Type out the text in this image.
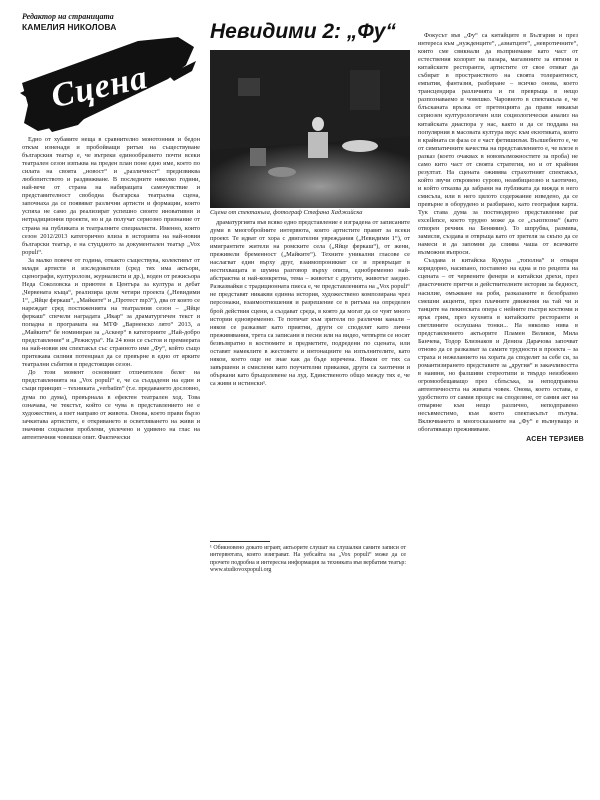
Редактор на страницата
КАМЕЛИЯ НИКОЛОВА
Сцена
Невидими 2: „Фу“
Сцена от спектакъла, фотограф Стефана Хаджийска

Едно от хубавите неща в сравнително монотонния и бедон откъм изненади и пробойващи ритъм на съществуване българския театър е, че вътреки единообразието почти всеки театрален сезон изпъква на преден план поне едно име, което по силата на своята „новост“ и „различност“ предизвиква любопитството и раздвижване. В последните няколко години, най-вече от страна на набиращата самочувствие и представителност свободна българска театрална сцена, започнаха да се появяват различни артисти и формации, които успяха не само да реализират успешно своите иновативни и нетрадиционни проекти, но и да получат сериозно признание от страна на публиката и театралните специалисти. Именно, които сезон 2012/2013 категорично влиза в историята на най-новия български театър, е на стуцдиото за документален театър „Vox populi“.

За малко повече от година, откакто съществува, колективът от млади артисти и изследователи (сред тях има актьори, сценографи, културолози, журналисти и др.), воден от режисьора Неда Соколовска и приютен в Центъра за култура и дебат „Червената къща“, реализира цели четири проекта („Невидими 1“, „Яйце феркаш“, „Майките“ и „Протест mp3“), два от които се нареждат сред постиженията на театралния сезон – „Яйце феркаш“ спечели наградата „Икар“ за драматургичен текст и попадна в програмата на МТФ „Варненско лято“ 2013, а „Майките“ бе номиниран за „Аскеер“ в категориите „Най-добро представление“ и „Режисура“. На 24 юни се състоя и премиерата на най-новия им спектакъл със странното име „Фу“, който също притежава силния потенциал да се превърне в едно от ярките театрални събития в предстоящия сезон.

До този момент основният отличителен белег на представленията на „Vox populi“ е, че са създадени на един и същи принцип – техниката „verbatim“ (т.е. предаването дословно, дума по дума), превърнала в ефектен театрален ход. Това означава, че текстът, който се чува в представлението не е художествен, а взет направо от живота. Онова, което прави бързо зачкитава артистите, е откриването и осветляването на живи и значими социални проблеми, увлечено и удивено на глас на автентичния човешки опит. Фактически

драматургията във всяко едно представление е изградена от записаните думи в многобройните интервюта, които артистите правят за всеки проект. Те идват от хора с двигателни увреждания („Невидими 1“), от имигрантите жители на ромските села („Яйце феркаш“), от жени, преживели бременност („Майките“). Техните уникални гласове се наслагват един върху друг, взаимопроникват се и превръщат в нестихващата и шумна разговор върху опита, еднобременно най-абстрактна и най-конкретна, тема – животът с другите, животът заедно. Разказвайки с традиционната пиеса е, че представленията на „Vox populi“ не представят никакви единна история, художествено композирана чрез персонажи, взаимоотношения и разрешение се в ритъма на определен брой действия сцени, а създават среда, в която да могат да се чуят много истории едновременно. Те потичат към зрителя по различни канали – някои се разказват като приятни, други се споделят като лични преживявания, трета са записани в песни или на видео, четвърти се носят безвъзвратно в костюмите и предметите, подредени по сцената, или оставят намеклите в жестовете и интонациите на изпълнителите, като някои, което още не знае как да бъде изречена. Никои от тях са завършени и смислени като поучителни приказки, други са хаотични и объркани като бръщолевене на луд. Единственото общо между тях е, че са живи и истински¹.

¹ Обикновено докато играят, актьорите слушат на слушалки самите записи от интервютата, които изиграват. На уебсайта на „Vox populi“ може да се прочете подробна и интересна информация за техниката във вербатим театър: www.studiovoxpopuli.org

Фокусът във „Фу“ са китайците в България и през интереса към „нужденците“, „азиатците“, „невротичните“, които сме свикнали да възприемаме като част от естествения колорит на пазара, магазините за евтини и китайските ресторанти, артистите от свое отиват да събират в пространството на своята толерантност, емпатия, фантазия, разбиране – всичко онова, което трансцендира различията и ги превръща в нещо разпознаваемо и човешко. Чаровното в спектакъла е, че блъсканата връзка от претенцията да прави някакъв сериозен културологичен или социологически анализ на китайската диаспора у нас, както и да се поддава на популярния в масовата култура вкус към екзотиката, която в крайната си фаза се е част фетишизъм. Вълшебното е, че от симпатичните качества на представлението е, че влезе в разказ (което очаквах в нововъзможностите за проба) не само кито част от своята стратегия, но и от крайния резултат. На сцената оживява страхотният спектакъл, който звучи откровено сурово, неамбициозно и хаотично, и който отказва да забрани на публиката да вижда в него смисъла, или в него цялото содержание изведено, да се превърне в оборудено и разбирано, като география карта. Тук става дума за постмодерно представление par excellence, което трудно може да се „съизпозна“ (като отворен речник на Бенямин). То шпрубва, размива, замисля, създава и отвръща като от зрителя за скъпо да се намеси и да запомни да слиява чаша от всичките възможни въпроси.

Създава и китайска Кукура „тополна“ и отваря коридорно, насипано, поставено на една и по рецепта на сцената – от червените фенери и китайски дрехи, през диасточните притчи и действителните истории за бедност, насилие, омъжване на робя, разказаните в безобразно смешни акценти, през плачните движения на тай чи и танците на пекинската опера с нейните пъстри костюми и ярък грим, през кухнята в китайските ресторанти и светлините ослушана тонки... На няколко нива в представлението актьорите Пламен Великов, Мила Банчева, Тодор Близнаков и Дениза Дарачова започват отново да се разказват за самите трудности в проекта – за страха и нежеланието на хората да споделят за себе си, за романтизирането представите за „другия“ и закачливостта в наивни, но фалшиви стереотипи и твърдо неизбежно огромообещаващо през сблъсъка, за неподправена автентичността на живата човек. Онова, което остава, е удобството от самия процес на споделяне, от самия акт на отваряне към нещо различно, неподправено несъвместимо, към което спектакълът пътува. Включването в многосказаните на „Фу“ е вълнуващо и обогатяващо преживяване.

АСЕН ТЕРЗИЕВ
